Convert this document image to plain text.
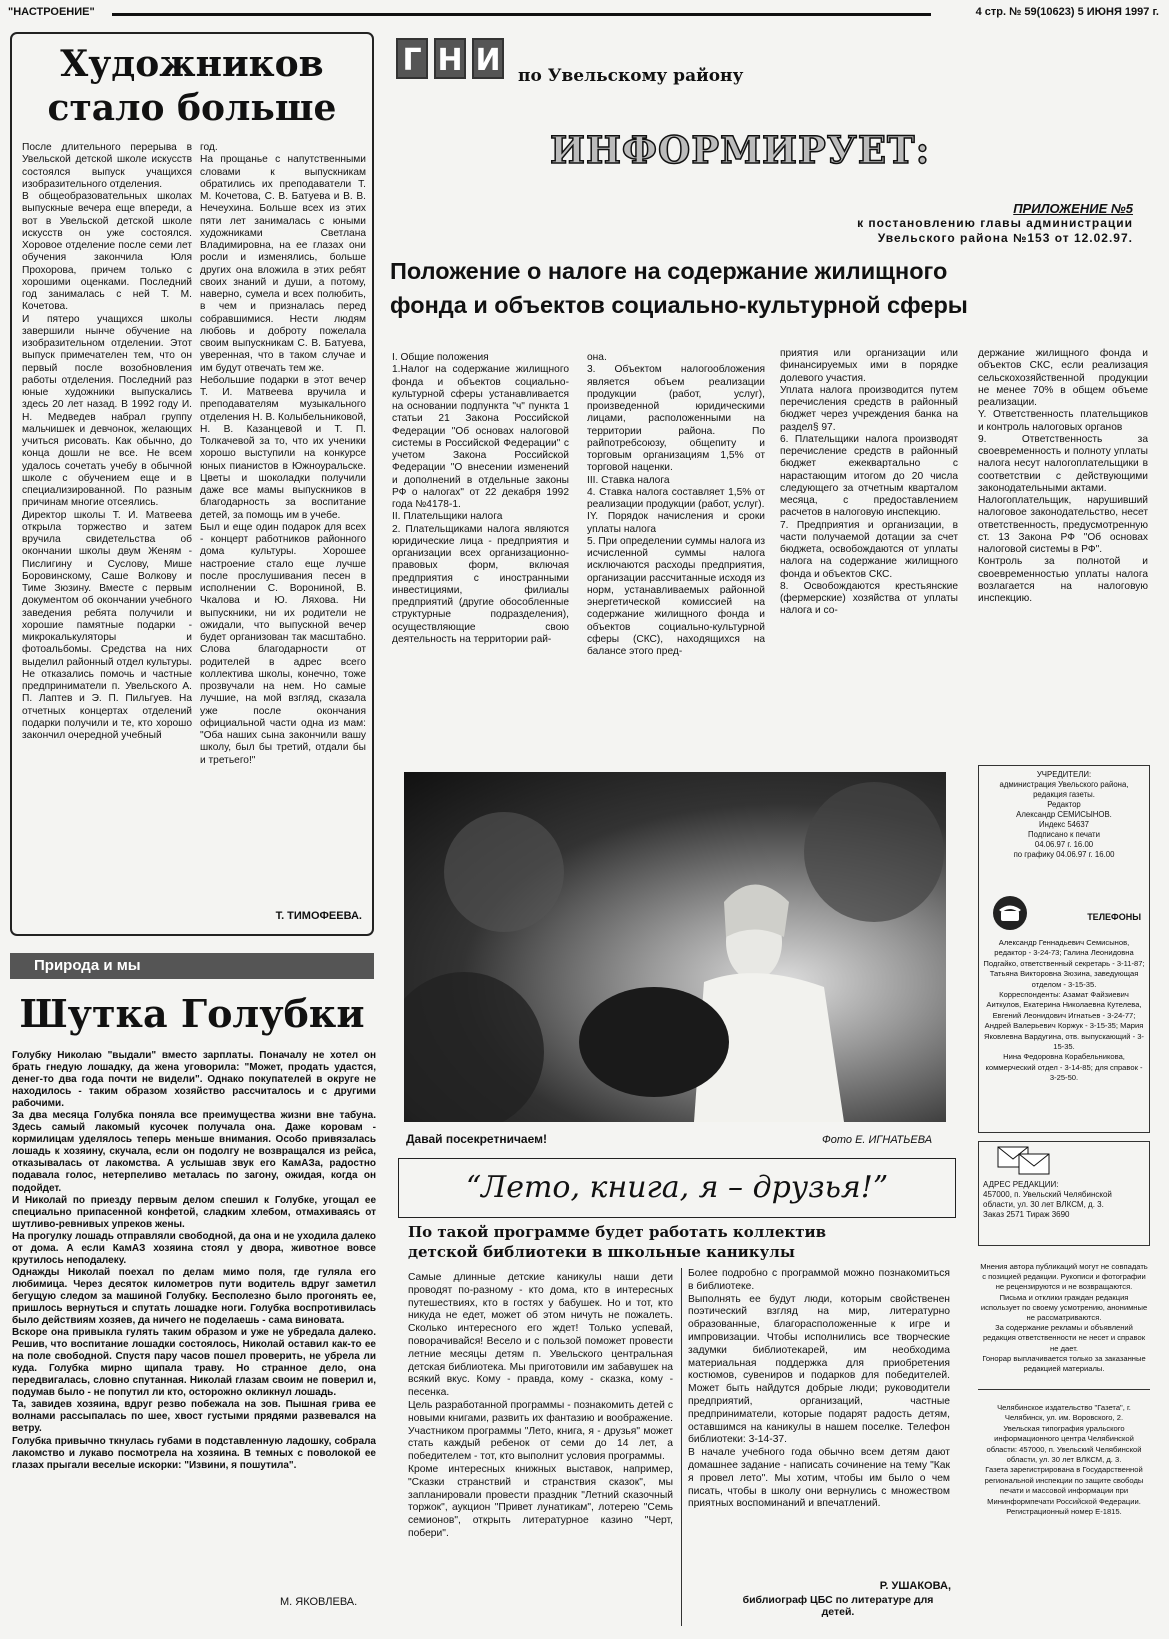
"НАСТРОЕНИЕ"	4 стр. № 59(10623) 5 ИЮНЯ 1997 г.
Художников
стало больше
После длительного перерыва в Увельской детской школе искусств состоялся выпуск учащихся изобразительного отделения.
В общеобразовательных школах выпускные вечера еще впереди, а вот в Увельской детской школе искусств он уже состоялся. Хоровое отделение после семи лет обучения закончила Юля Прохорова, причем только с хорошими оценками. Последний год занималась с ней Т. М. Кочетова.
И пятеро учащихся школы завершили нынче обучение на изобразительном отделении. Этот выпуск примечателен тем, что он первый после возобновления работы отделения. Последний раз юные художники выпускались здесь 20 лет назад. В 1992 году И. Н. Медведев набрал группу мальчишек и девчонок, желающих учиться рисовать. Как обычно, до конца дошли не все. Не всем удалось сочетать учебу в обычной школе с обучением еще и в специализированной. По разным причинам многие отсеялись.
Директор школы Т. И. Матвеева открыла торжество и затем вручила свидетельства об окончании школы двум Женям - Пислигину и Суслову, Мише Боровинскому, Саше Волкову и Тиме Зюзину. Вместе с первым документом об окончании учебного заведения ребята получили и хорошие памятные подарки - микрокалькуляторы и фотоальбомы. Средства на них выделил районный отдел культуры. Не отказались помочь и частные предприниматели п. Увельского А. П. Лаптев и Э. П. Пильгуев. На отчетных концертах отделений подарки получили и те, кто хорошо закончил очередной учебный
год.
На прощанье с напутственными словами к выпускникам обратились их преподаватели Т. М. Кочетова, С. В. Батуева и В. В. Нечеухина. Больше всех из этих пяти лет занималась с юными художниками Светлана Владимировна, на ее глазах они росли и изменялись, больше других она вложила в этих ребят своих знаний и души, а потому, наверно, сумела и всех полюбить, в чем и призналась перед собравшимися. Нести людям любовь и доброту пожелала своим выпускникам С. В. Батуева, уверенная, что в таком случае и им будут отвечать тем же.
Небольшие подарки в этот вечер Т. И. Матвеева вручила и преподавателям музыкального отделения Н. В. Колыбельниковой, Н. В. Казанцевой и Т. П. Толкачевой за то, что их ученики хорошо выступили на конкурсе юных пианистов в Южноуральске. Цветы и шоколадки получили даже все мамы выпускников в благодарность за воспитание детей, за помощь им в учебе.
Был и еще один подарок для всех - концерт работников районного дома культуры. Хорошее настроение стало еще лучше после прослушивания песен в исполнении С. Ворониной, В. Чкалова и Ю. Ляхова. Ни выпускники, ни их родители не ожидали, что выпускной вечер будет организован так масштабно. Слова благодарности от родителей в адрес всего коллектива школы, конечно, тоже прозвучали на нем. Но самые лучшие, на мой взгляд, сказала уже после окончания официальной части одна из мам: "Оба наших сына закончили вашу школу, был бы третий, отдали бы и третьего!"
Т. ТИМОФЕЕВА.
Природа и мы
Шутка Голубки
Голубку Николаю "выдали" вместо зарплаты. Поначалу не хотел он брать гнедую лошадку, да жена уговорила: "Может, продать удастся, денег-то два года почти не видели". Однако покупателей в округе не находилось - таким образом хозяйство рассчиталось и с другими рабочими.
За два месяца Голубка поняла все преимущества жизни вне табуна. Здесь самый лакомый кусочек получала она. Даже коровам - кормилицам уделялось теперь меньше внимания. Особо привязалась лошадь к хозяину, скучала, если он подолгу не возвращался из рейса, отказывалась от лакомства. А услышав звук его КамАЗа, радостно подавала голос, нетерпеливо металась по загону, ожидая, когда он подойдет.
И Николай по приезду первым делом спешил к Голубке, угощал ее специально припасенной конфетой, сладким хлебом, отмахиваясь от шутливо-ревнивых упреков жены.
На прогулку лошадь отправляли свободной, да она и не уходила далеко от дома. А если КамАЗ хозяина стоял у двора, животное вовсе крутилось неподалеку.
Однажды Николай поехал по делам мимо поля, где гуляла его любимица. Через десяток километров пути водитель вдруг заметил бегущую следом за машиной Голубку. Бесполезно было прогонять ее, пришлось вернуться и спутать лошадке ноги. Голубка воспротивилась было действиям хозяев, да ничего не поделаешь - сама виновата.
Вскоре она привыкла гулять таким образом и уже не убредала далеко. Решив, что воспитание лошадки состоялось, Николай оставил как-то ее на поле свободной. Спустя пару часов пошел проверить, не убрела ли куда. Голубка мирно щипала траву. Но странное дело, она передвигалась, словно спутанная. Николай глазам своим не поверил и, подумав было - не попутил ли кто, осторожно окликнул лошадь.
Та, завидев хозяина, вдруг резво побежала на зов. Пышная грива ее волнами рассыпалась по шее, хвост густыми прядями развевался на ветру.
Голубка привычно ткнулась губами в подставленную ладошку, собрала лакомство и лукаво посмотрела на хозяина. В темных с поволокой ее глазах прыгали веселые искорки: "Извини, я пошутила".
М. ЯКОВЛЕВА.
Г Н И по Увельскому району
ИНФОРМИРУЕТ:
ПРИЛОЖЕНИЕ №5
к постановлению главы администрации
Увельского района №153 от 12.02.97.
Положение о налоге на содержание жилищного
фонда и объектов социально-культурной сферы
I. Общие положения
1.Налог на содержание жилищного фонда и объектов социально-культурной сферы устанавливается на основании подпункта "ч" пункта 1 статьи 21 Закона Российской Федерации "Об основах налоговой системы в Российской Федерации" с учетом Закона Российской Федерации "О внесении изменений и дополнений в отдельные законы РФ о налогах" от 22 декабря 1992 года №4178-1.
II. Плательщики налога
2. Плательщиками налога являются юридические лица - предприятия и организации всех организационно-правовых форм, включая предприятия с иностранными инвестициями, филиалы предприятий (другие обособленные структурные подразделения), осуществляющие свою деятельность на территории рай-
она.
3. Объектом налогообложения является объем реализации продукции (работ, услуг), произведенной юридическими лицами, расположенными на территории района. По райпотребсоюзу, общепиту и торговым организациям 1,5% от торговой наценки.
III. Ставка налога
4. Ставка налога составляет 1,5% от реализации продукции (работ, услуг).
IY. Порядок начисления и сроки уплаты налога
5. При определении суммы налога из исчисленной суммы налога исключаются расходы предприятия, организации рассчитанные исходя из норм, устанавливаемых районной энергетической комиссией на содержание жилищного фонда и объектов социально-культурной сферы (СКС), находящихся на балансе этого пред-
приятия или организации или финансируемых ими в порядке долевого участия.
Уплата налога производится путем перечисления средств в районный бюджет через учреждения банка на раздел§ 97.
6. Плательщики налога производят перечисление средств в районный бюджет ежеквартально с нарастающим итогом до 20 числа следующего за отчетным кварталом месяца, с предоставлением расчетов в налоговую инспекцию.
7. Предприятия и организации, в части получаемой дотации за счет бюджета, освобождаются от уплаты налога на содержание жилищного фонда и объектов СКС.
8. Освобождаются крестьянские (фермерские) хозяйства от уплаты налога и со-
держание жилищного фонда и объектов СКС, если реализация сельскохозяйственной продукции не менее 70% в общем объеме реализации.
Y. Ответственность плательщиков и контроль налоговых органов
9. Ответственность за своевременность и полноту уплаты налога несут налогоплательщики в соответствии с действующими законодательными актами.
Налогоплательщик, нарушивший налоговое законодательство, несет ответственность, предусмотренную ст. 13 Закона РФ "Об основах налоговой системы в РФ".
Контроль за полнотой и своевременностью уплаты налога возлагается на налоговую инспекцию.
Давай посекретничаем!	Фото Е. ИГНАТЬЕВА
“Лето, книга, я – друзья!”
По такой программе будет работать коллектив
детской библиотеки в школьные каникулы
Самые длинные детские каникулы наши дети проводят по-разному - кто дома, кто в интересных путешествиях, кто в гостях у бабушек. Но и тот, кто никуда не едет, может об этом ничуть не пожалеть. Сколько интересного его ждет! Только успевай, поворачивайся! Весело и с пользой поможет провести летние месяцы детям п. Увельского центральная детская библиотека. Мы приготовили им забавушек на всякий вкус. Кому - правда, кому - сказка, кому - песенка.
Цель разработанной программы - познакомить детей с новыми книгами, развить их фантазию и воображение. Участником программы "Лето, книга, я - друзья" может стать каждый ребенок от семи до 14 лет, а победителем - тот, кто выполнит условия программы.
Кроме интересных книжных выставок, например, "Сказки странствий и странствия сказок", мы запланировали провести праздник "Летний сказочный торжок", аукцион "Привет лунатикам", лотерею "Семь семионов", открыть литературное казино "Черт, побери".
Более подробно с программой можно познакомиться в библиотеке.
Выполнять ее будут люди, которым свойственен поэтический взгляд на мир, литературно образованные, благорасположенные к игре и импровизации. Чтобы исполнились все творческие задумки библиотекарей, им необходима материальная поддержка для приобретения костюмов, сувениров и подарков для победителей. Может быть найдутся добрые люди; руководители предприятий, организаций, частные предприниматели, которые подарят радость детям, оставшимся на каникулы в нашем поселке. Телефон библиотеки: 3-14-37.
В начале учебного года обычно всем детям дают домашнее задание - написать сочинение на тему "Как я провел лето". Мы хотим, чтобы им было о чем писать, чтобы в школу они вернулись с множеством приятных воспоминаний и впечатлений.
Р. УШАКОВА,
библиограф ЦБС по литературе для детей.
УЧРЕДИТЕЛИ:
администрация Увельского района, редакция газеты.
Редактор
Александр СЕМИСЫНОВ.
Индекс 54637
Подписано к печати
04.06.97 г. 16.00
по графику 04.06.97 г. 16.00
ТЕЛЕФОНЫ
Александр Геннадьевич Семисынов, редактор - 3-24-73; Галина Леонидовна Подгайко, ответственный секретарь - 3-11-87; Татьяна Викторовна Зюзина, заведующая отделом - 3-15-35.
Корреспонденты: Азамат Файзиевич Аиткулов, Екатерина Николаевна Кутелева, Евгений Леонидович Игнатьев - 3-24-77; Андрей Валерьевич Коржук - 3-15-35; Мария Яковлевна Вардугина, отв. выпускающий - 3-15-35.
Нина Федоровна Корабельникова, коммерческий отдел - 3-14-85; для справок - 3-25-50.
АДРЕС РЕДАКЦИИ:
457000, п. Увельский Челябинской области, ул. 30 лет ВЛКСМ, д. 3.
Заказ 2571 Тираж 3690
Мнения автора публикаций могут не совпадать с позицией редакции. Рукописи и фотографии не рецензируются и не возвращаются.
Письма и отклики граждан редакция использует по своему усмотрению, анонимные не рассматриваются.
За содержание рекламы и объявлений редакция ответственности не несет и справок не дает.
Гонорар выплачивается только за заказанные редакцией материалы.
Челябинское издательство "Газета", г. Челябинск, ул. им. Воровского, 2.
Увельская типография уральского информационного центра Челябинской области: 457000, п. Увельский Челябинской области, ул. 30 лет ВЛКСМ, д. 3.
Газета зарегистрирована в Государственной региональной инспекции по защите свободы печати и массовой информации при Мининформпечати Российской Федерации. Регистрационный номер Е-1815.
